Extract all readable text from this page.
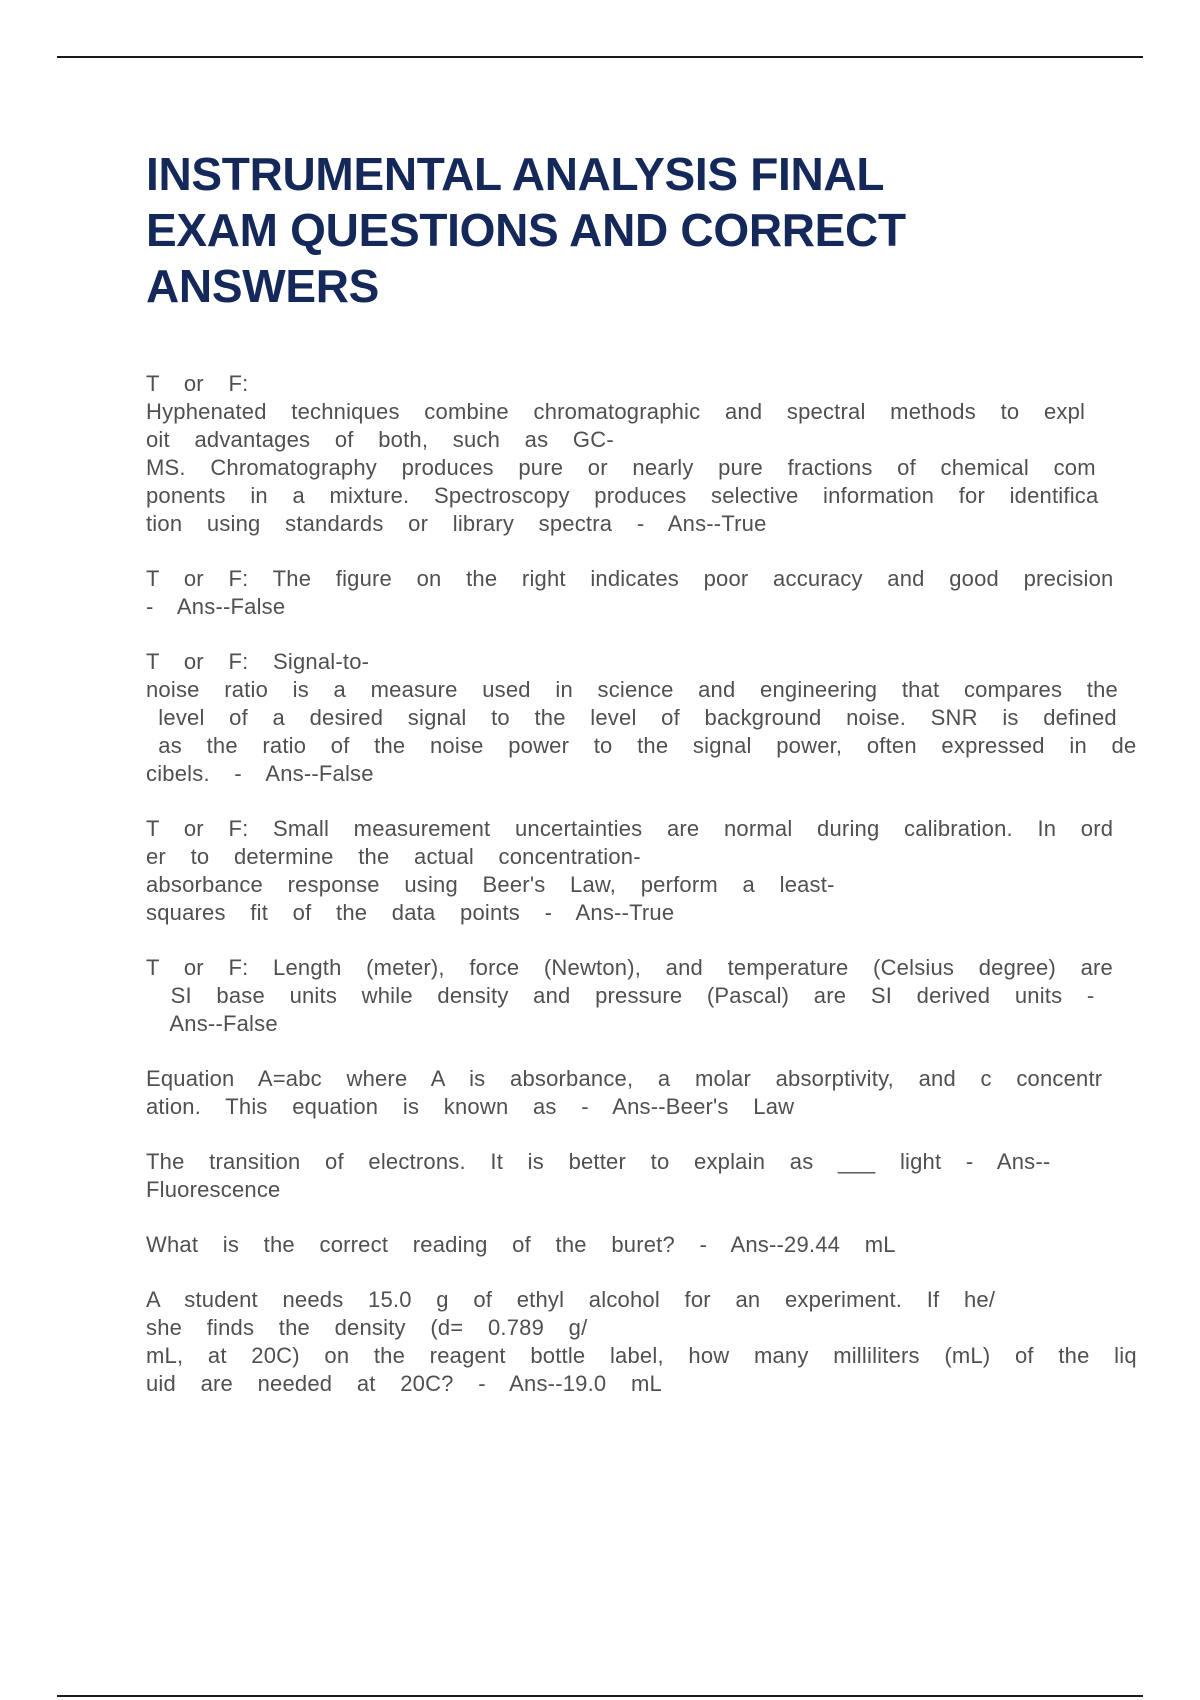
INSTRUMENTAL ANALYSIS FINAL
EXAM QUESTIONS AND CORRECT
ANSWERS

T  or  F:
Hyphenated  techniques  combine  chromatographic  and  spectral  methods  to  expl
oit  advantages  of  both,  such  as  GC-
MS.  Chromatography  produces  pure  or  nearly  pure  fractions  of  chemical  com
ponents  in  a  mixture.  Spectroscopy  produces  selective  information  for  identifica
tion  using  standards  or  library  spectra  -  Ans--True

T  or  F:  The  figure  on  the  right  indicates  poor  accuracy  and  good  precision
-  Ans--False

T  or  F:  Signal-to-
noise  ratio  is  a  measure  used  in  science  and  engineering  that  compares  the
level  of  a  desired  signal  to  the  level  of  background  noise.  SNR  is  defined
as  the  ratio  of  the  noise  power  to  the  signal  power,  often  expressed  in  de
cibels.  -  Ans--False

T  or  F:  Small  measurement  uncertainties  are  normal  during  calibration.  In  ord
er  to  determine  the  actual  concentration-
absorbance  response  using  Beer's  Law,  perform  a  least-
squares  fit  of  the  data  points  -  Ans--True

T  or  F:  Length  (meter),  force  (Newton),  and  temperature  (Celsius  degree)  are
SI  base  units  while  density  and  pressure  (Pascal)  are  SI  derived  units  -
Ans--False

Equation  A=abc  where  A  is  absorbance,  a  molar  absorptivity,  and  c  concentr
ation.  This  equation  is  known  as  -  Ans--Beer's  Law

The  transition  of  electrons.  It  is  better  to  explain  as  ___  light  -  Ans--
Fluorescence

What  is  the  correct  reading  of  the  buret?  -  Ans--29.44  mL

A  student  needs  15.0  g  of  ethyl  alcohol  for  an  experiment.  If  he/
she  finds  the  density  (d=  0.789  g/
mL,  at  20C)  on  the  reagent  bottle  label,  how  many  milliliters  (mL)  of  the  liq
uid  are  needed  at  20C?  -  Ans--19.0  mL
